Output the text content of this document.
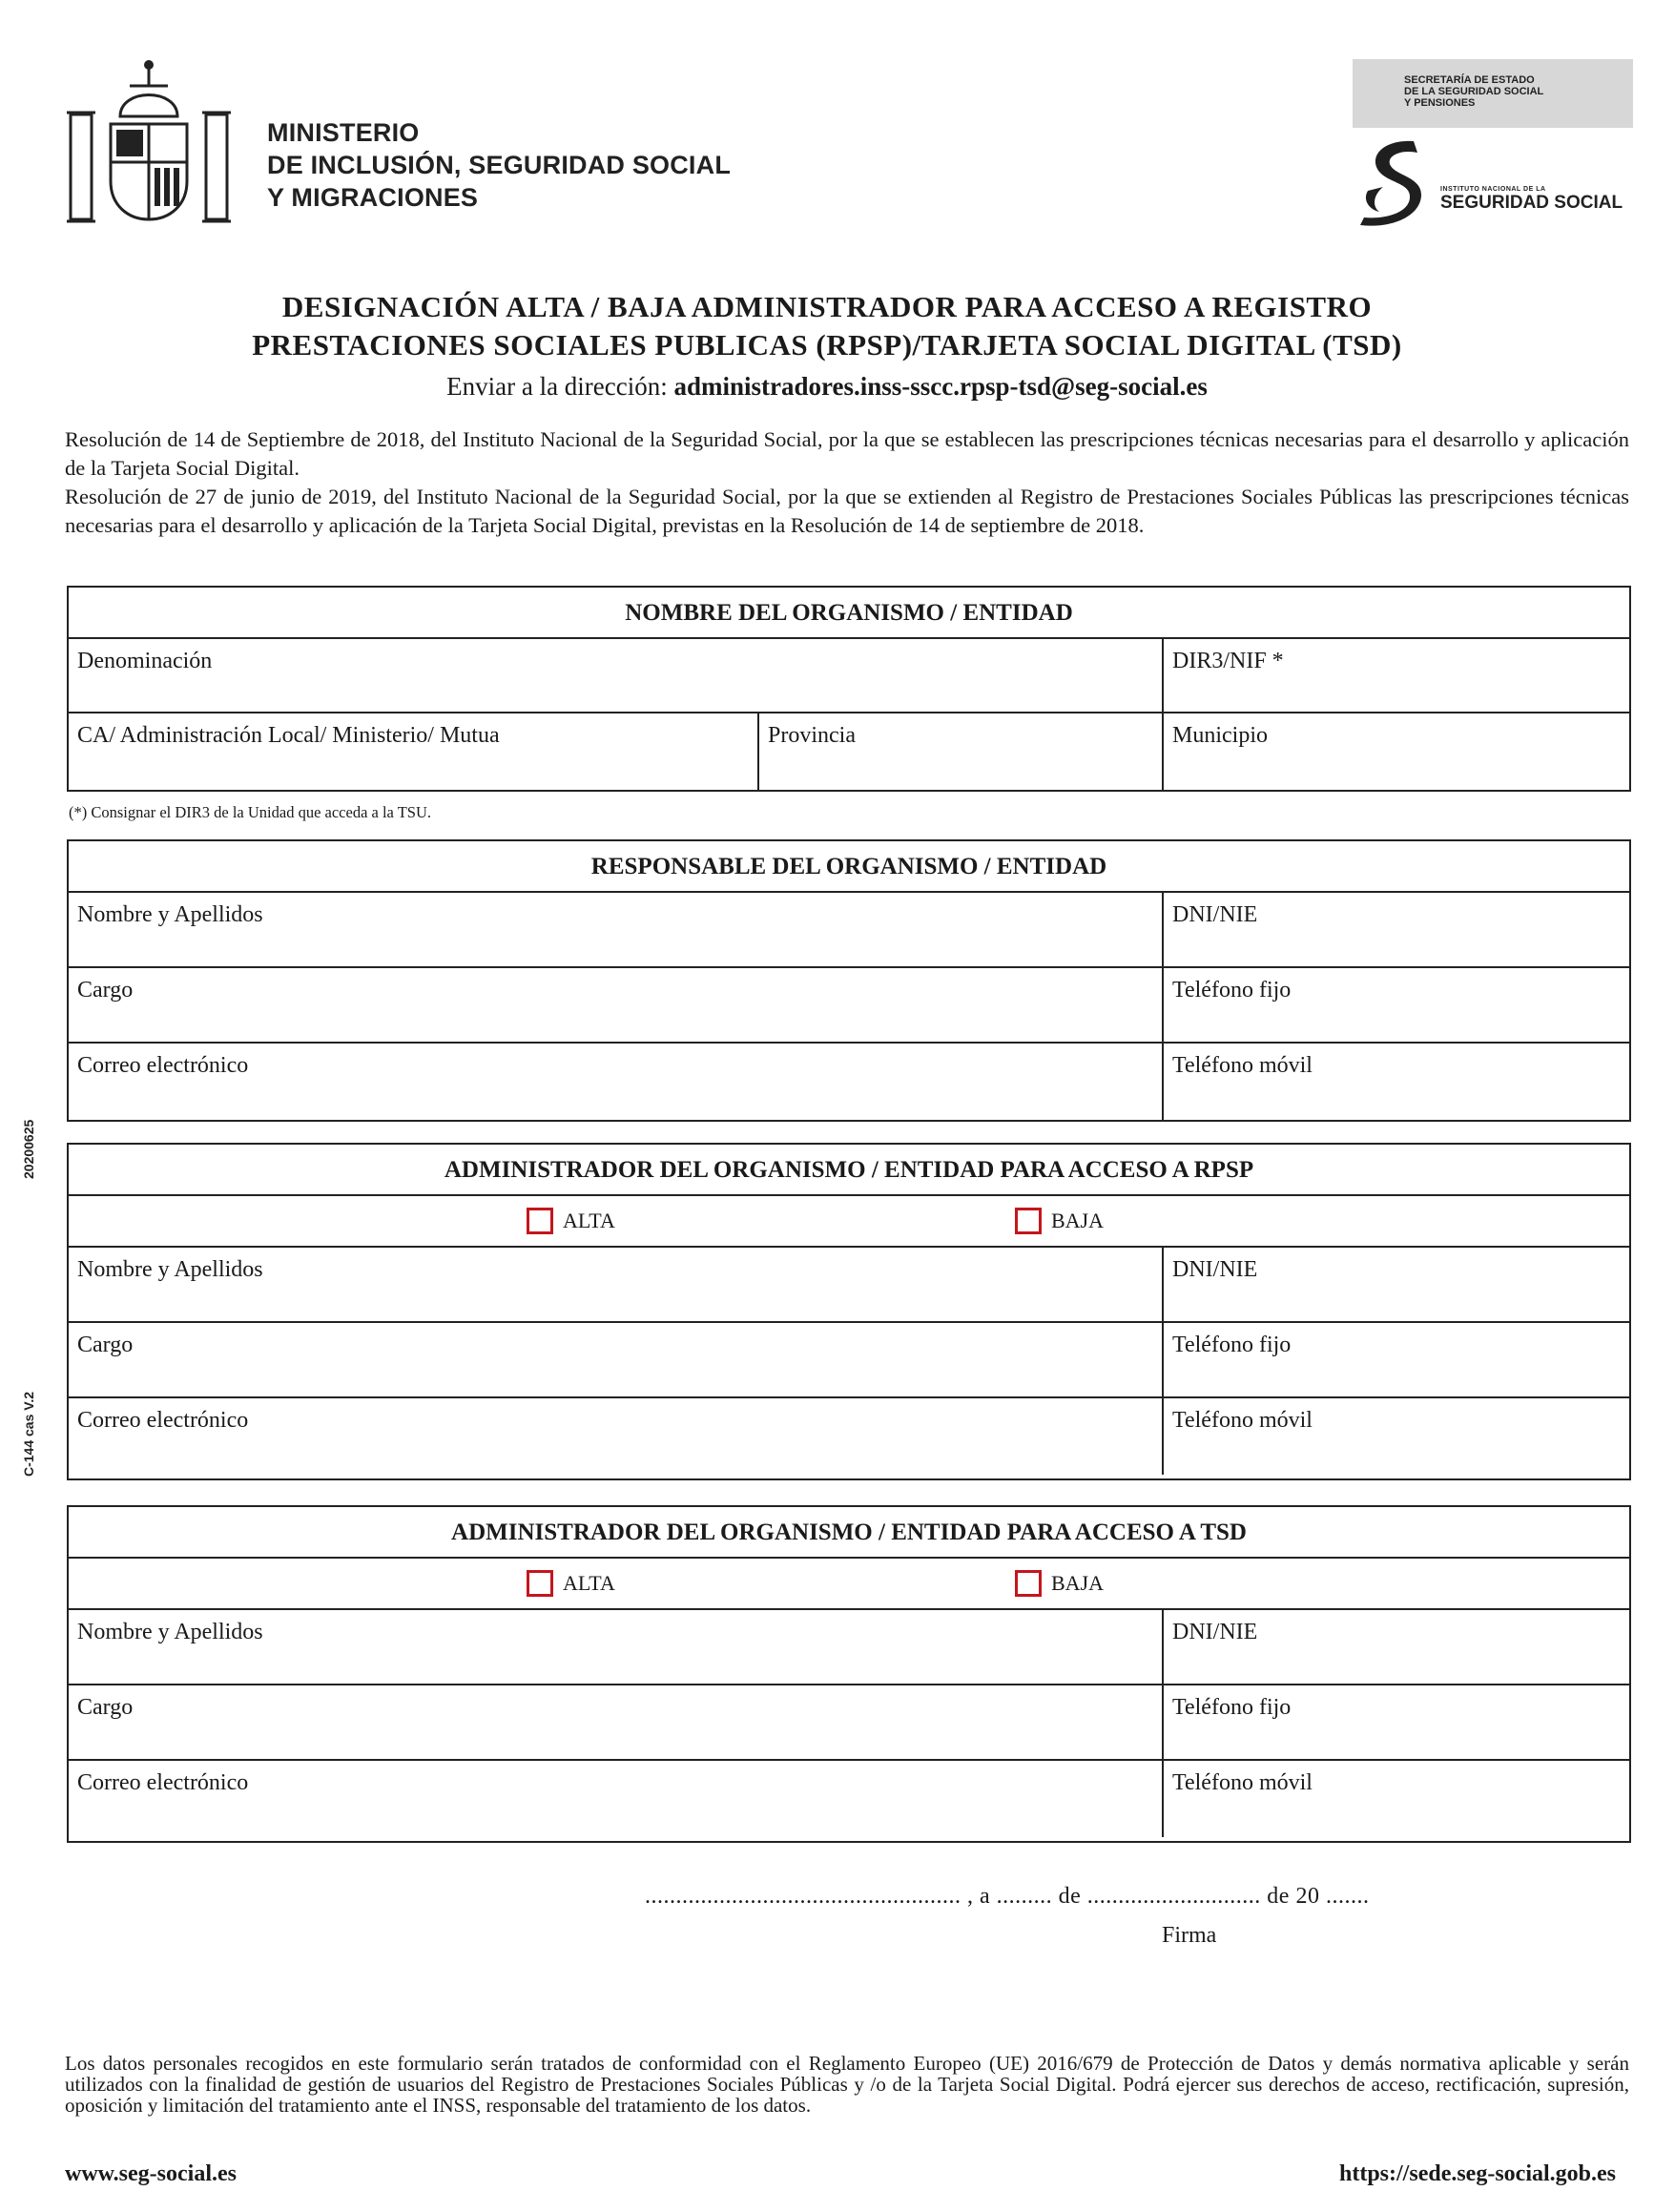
MINISTERIO
DE INCLUSIÓN, SEGURIDAD SOCIAL
Y MIGRACIONES
SECRETARÍA DE ESTADO
DE LA SEGURIDAD SOCIAL
Y PENSIONES
INSTITUTO NACIONAL DE LA
SEGURIDAD SOCIAL
DESIGNACIÓN ALTA / BAJA ADMINISTRADOR PARA ACCESO A REGISTRO
PRESTACIONES SOCIALES PUBLICAS (RPSP)/TARJETA SOCIAL DIGITAL (TSD)
Enviar a la dirección: administradores.inss-sscc.rpsp-tsd@seg-social.es

Resolución de 14 de Septiembre de 2018, del Instituto Nacional de la Seguridad Social, por la que se establecen las prescripciones técnicas necesarias para el desarrollo y aplicación de la Tarjeta Social Digital.

Resolución de 27 de junio de 2019, del Instituto Nacional de la Seguridad Social, por la que se extienden al Registro de Prestaciones Sociales Públicas las prescripciones técnicas necesarias para el desarrollo y aplicación de la Tarjeta Social Digital, previstas en la Resolución de 14 de septiembre de 2018.

NOMBRE DEL ORGANISMO / ENTIDAD
Denominación	DIR3/NIF *
CA/ Administración Local/ Ministerio/ Mutua	Provincia	Municipio
(*) Consignar el DIR3 de la Unidad que acceda a la TSU.
RESPONSABLE DEL ORGANISMO / ENTIDAD
Nombre y Apellidos	DNI/NIE
Cargo	Teléfono fijo
Correo electrónico	Teléfono móvil
ADMINISTRADOR DEL ORGANISMO / ENTIDAD PARA ACCESO A RPSP
ALTA	BAJA
Nombre y Apellidos	DNI/NIE
Cargo	Teléfono fijo
Correo electrónico	Teléfono móvil
ADMINISTRADOR DEL ORGANISMO / ENTIDAD PARA ACCESO A TSD
ALTA	BAJA
Nombre y Apellidos	DNI/NIE
Cargo	Teléfono fijo
Correo electrónico	Teléfono móvil
20200625
C-144 cas V.2
................................................... , a ......... de ............................ de 20 .......
Firma

Los datos personales recogidos en este formulario serán tratados de conformidad con el Reglamento Europeo (UE) 2016/679 de Protección de Datos y demás normativa aplicable y serán utilizados con la finalidad de gestión de usuarios del Registro de Prestaciones Sociales Públicas y /o de la Tarjeta Social Digital. Podrá ejercer sus derechos de acceso, rectificación, supresión, oposición y limitación del tratamiento ante el INSS, responsable del tratamiento de los datos.

www.seg-social.es	https://sede.seg-social.gob.es
